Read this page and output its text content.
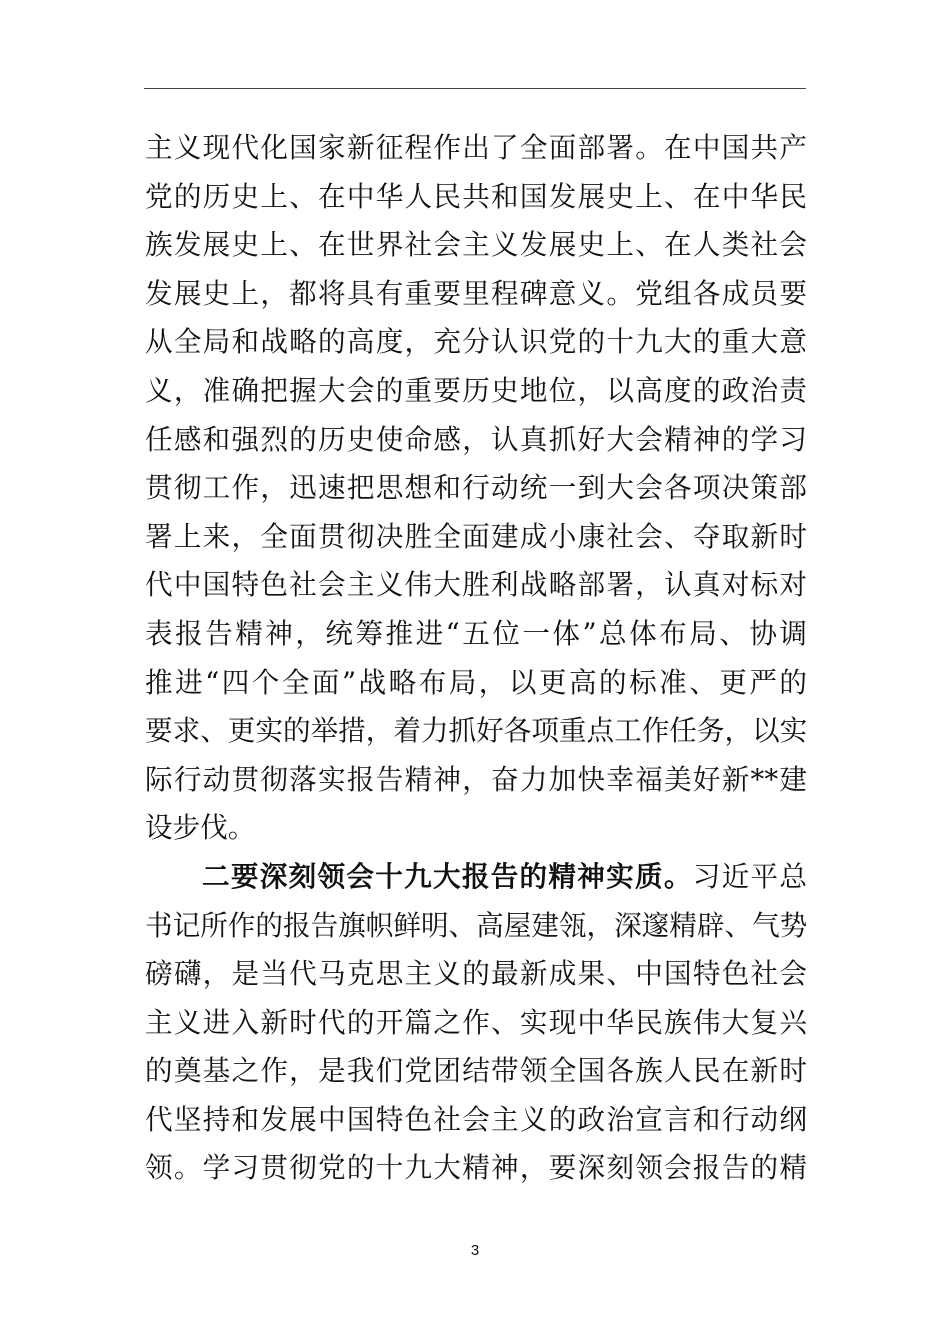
主义现代化国家新征程作出了全面部署。在中国共产
党的历史上、在中华人民共和国发展史上、在中华民
族发展史上、在世界社会主义发展史上、在人类社会
发展史上，都将具有重要里程碑意义。党组各成员要
从全局和战略的高度，充分认识党的十九大的重大意
义，准确把握大会的重要历史地位，以高度的政治责
任感和强烈的历史使命感，认真抓好大会精神的学习
贯彻工作，迅速把思想和行动统一到大会各项决策部
署上来，全面贯彻决胜全面建成小康社会、夺取新时
代中国特色社会主义伟大胜利战略部署，认真对标对
表报告精神，统筹推进“五位一体”总体布局、协调
推进“四个全面”战略布局，以更高的标准、更严的
要求、更实的举措，着力抓好各项重点工作任务，以实
际行动贯彻落实报告精神，奋力加快幸福美好新**建
设步伐。
二要深刻领会十九大报告的精神实质。习近平总
书记所作的报告旗帜鲜明、高屋建瓴，深邃精辟、气势
磅礴，是当代马克思主义的最新成果、中国特色社会
主义进入新时代的开篇之作、实现中华民族伟大复兴
的奠基之作，是我们党团结带领全国各族人民在新时
代坚持和发展中国特色社会主义的政治宣言和行动纲
领。学习贯彻党的十九大精神，要深刻领会报告的精
3
